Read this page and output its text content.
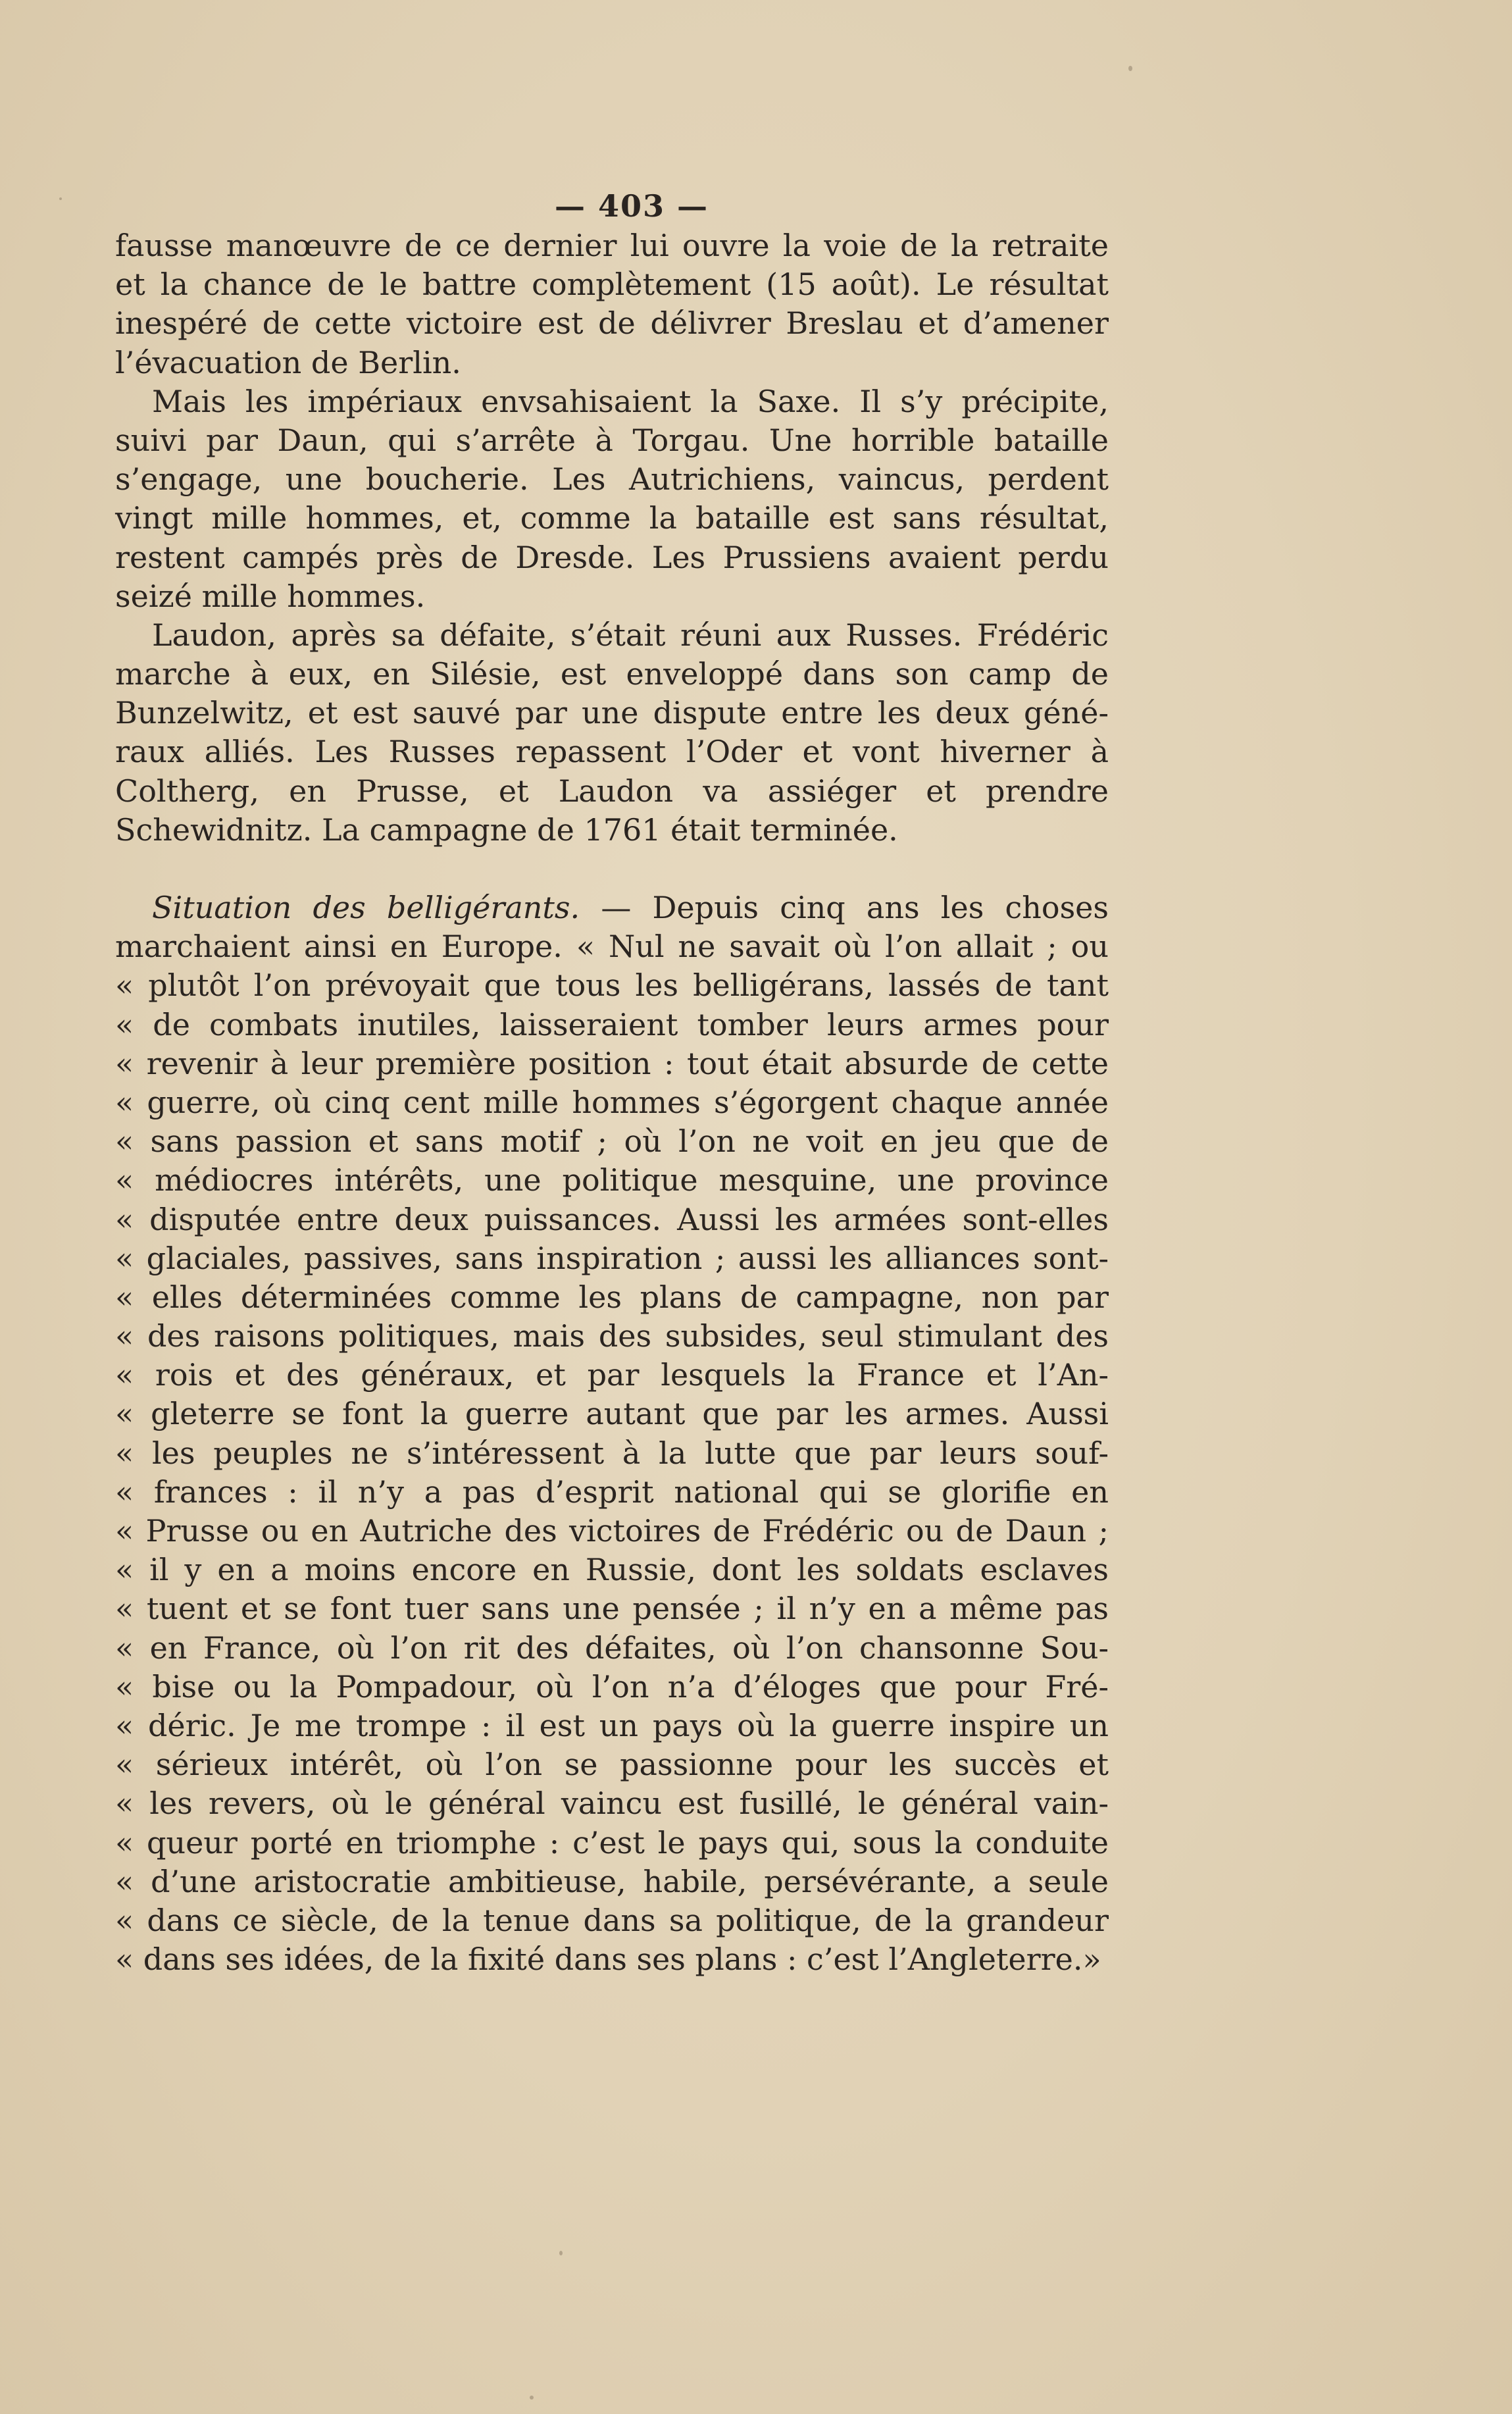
— 403 —
fausse manœuvre de ce dernier lui ouvre la voie de la retraite
et la chance de le battre complètement (15 août). Le résultat
inespéré de cette victoire est de délivrer Breslau et d’amener
l’évacuation de Berlin.
Mais les impériaux envsahisaient la Saxe. Il s’y précipite,
suivi par Daun, qui s’arrête à Torgau. Une horrible bataille
s’engage, une boucherie. Les Autrichiens, vaincus, perdent
vingt mille hommes, et, comme la bataille est sans résultat,
restent campés près de Dresde. Les Prussiens avaient perdu
seizé mille hommes.
Laudon, après sa défaite, s’était réuni aux Russes. Frédéric
marche à eux, en Silésie, est enveloppé dans son camp de
Bunzelwitz, et est sauvé par une dispute entre les deux géné-
raux alliés. Les Russes repassent l’Oder et vont hiverner à
Coltherg, en Prusse, et Laudon va assiéger et prendre
Schewidnitz. La campagne de 1761 était terminée.
Situation des belligérants. — Depuis cinq ans les choses
marchaient ainsi en Europe. « Nul ne savait où l’on allait ; ou
« plutôt l’on prévoyait que tous les belligérans, lassés de tant
« de combats inutiles, laisseraient tomber leurs armes pour
« revenir à leur première position : tout était absurde de cette
« guerre, où cinq cent mille hommes s’égorgent chaque année
« sans passion et sans motif ; où l’on ne voit en jeu que de
« médiocres intérêts, une politique mesquine, une province
« disputée entre deux puissances. Aussi les armées sont-elles
« glaciales, passives, sans inspiration ; aussi les alliances sont-
« elles déterminées comme les plans de campagne, non par
« des raisons politiques, mais des subsides, seul stimulant des
« rois et des généraux, et par lesquels la France et l’An-
« gleterre se font la guerre autant que par les armes. Aussi
« les peuples ne s’intéressent à la lutte que par leurs souf-
« frances : il n’y a pas d’esprit national qui se glorifie en
« Prusse ou en Autriche des victoires de Frédéric ou de Daun ;
« il y en a moins encore en Russie, dont les soldats esclaves
« tuent et se font tuer sans une pensée ; il n’y en a même pas
« en France, où l’on rit des défaites, où l’on chansonne Sou-
« bise ou la Pompadour, où l’on n’a d’éloges que pour Fré-
« déric. Je me trompe : il est un pays où la guerre inspire un
« sérieux intérêt, où l’on se passionne pour les succès et
« les revers, où le général vaincu est fusillé, le général vain-
« queur porté en triomphe : c’est le pays qui, sous la conduite
« d’une aristocratie ambitieuse, habile, persévérante, a seule
« dans ce siècle, de la tenue dans sa politique, de la grandeur
« dans ses idées, de la fixité dans ses plans : c’est l’Angleterre.»
